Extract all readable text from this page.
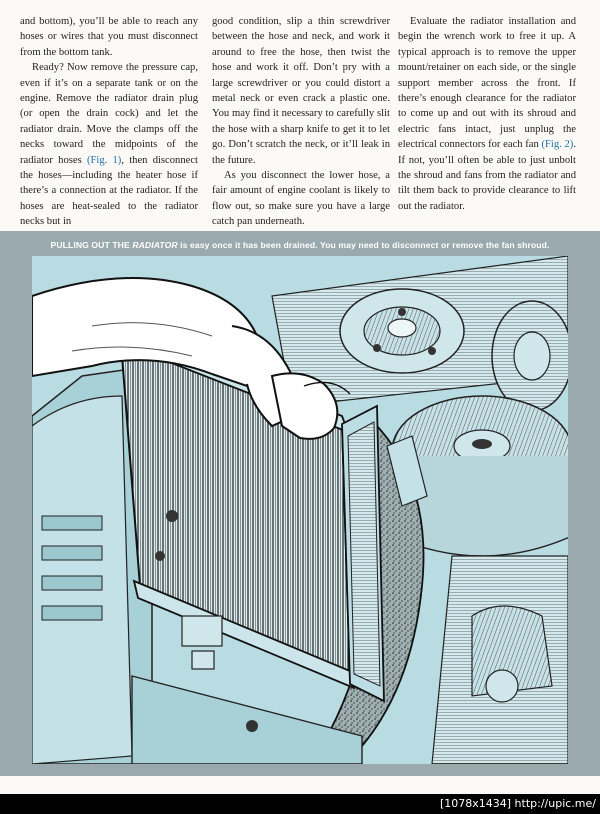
and bottom), you’ll be able to reach any hoses or wires that you must disconnect from the bottom tank.

Ready? Now remove the pressure cap, even if it’s on a separate tank or on the engine. Remove the radiator drain plug (or open the drain cock) and let the radiator drain. Move the clamps off the necks toward the midpoints of the radiator hoses (Fig. 1), then disconnect the hoses—including the heater hose if there’s a connection at the radiator. If the hoses are heat-sealed to the radiator necks but in

good condition, slip a thin screwdriver between the hose and neck, and work it around to free the hose, then twist the hose and work it off. Don’t pry with a large screwdriver or you could distort a metal neck or even crack a plastic one. You may find it necessary to carefully slit the hose with a sharp knife to get it to let go. Don’t scratch the neck, or it’ll leak in the future.

As you disconnect the lower hose, a fair amount of engine coolant is likely to flow out, so make sure you have a large catch pan underneath.

Evaluate the radiator installation and begin the wrench work to free it up. A typical approach is to remove the upper mount/retainer on each side, or the single support member across the front. If there’s enough clearance for the radiator to come up and out with its shroud and electric fans intact, just unplug the electrical connectors for each fan (Fig. 2). If not, you’ll often be able to just unbolt the shroud and fans from the radiator and tilt them back to provide clearance to lift out the radiator.

PULLING OUT THE RADIATOR is easy once it has been drained. You may need to disconnect or remove the fan shroud.
[1078x1434] http://upic.me/
